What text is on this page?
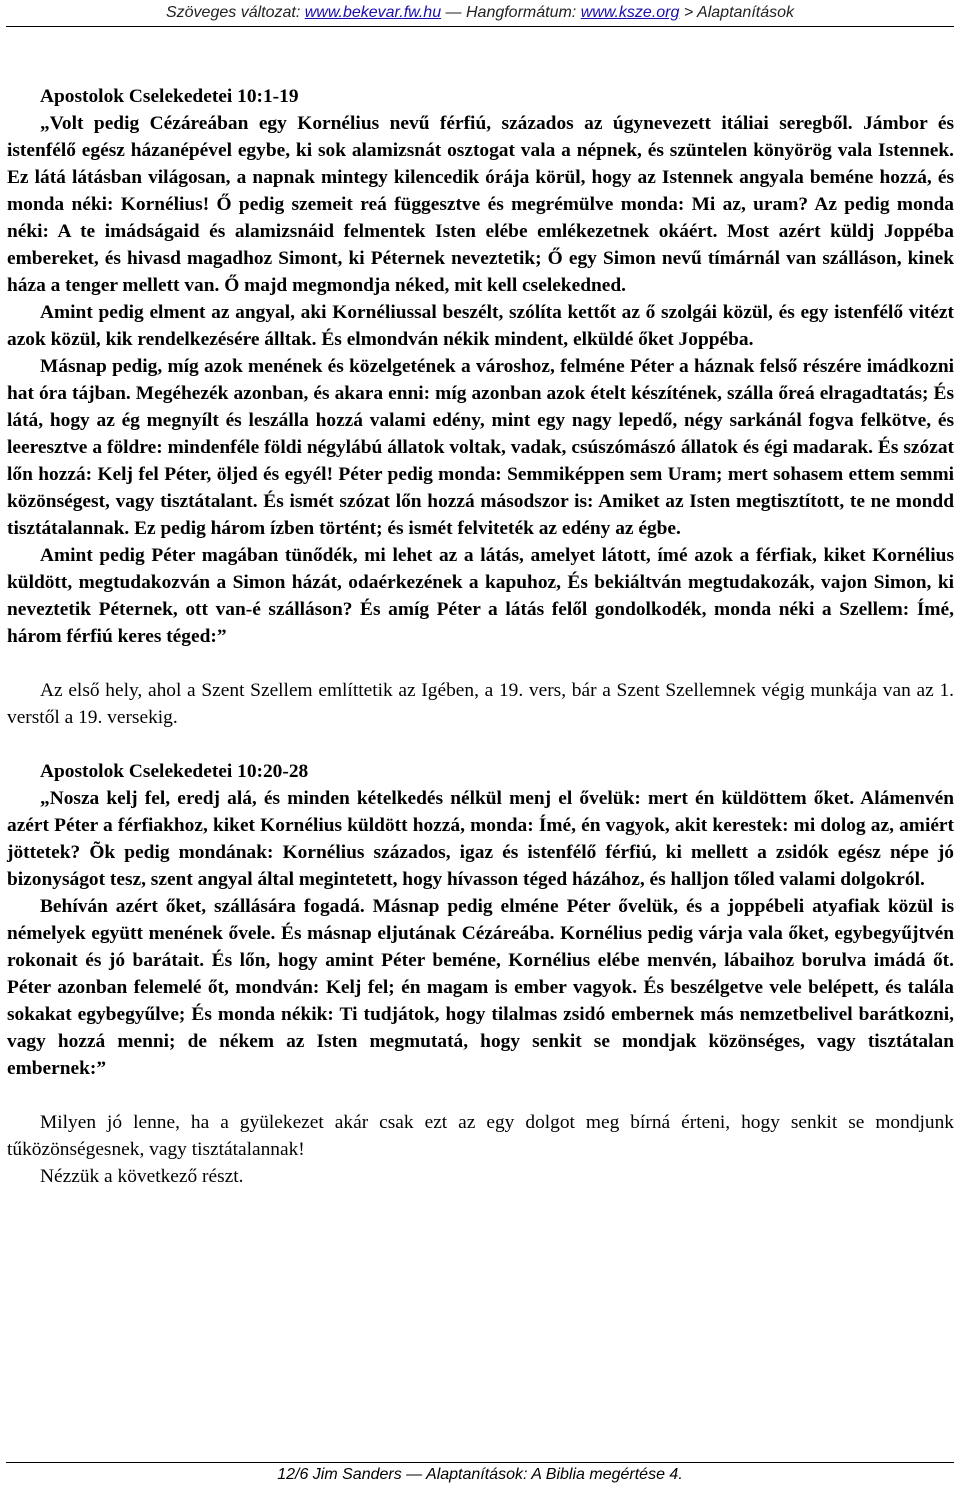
Szöveges változat: www.bekevar.fw.hu — Hangformátum: www.ksze.org > Alaptanítások

Apostolok Cselekedetei 10:1-19

„Volt pedig Cézáreában egy Kornélius nevű férfiú, százados az úgynevezett itáliai seregből. Jámbor és istenfélő egész házanépével egybe, ki sok alamizsnát osztogat vala a népnek, és szüntelen könyörög vala Istennek. Ez látá látásban világosan, a napnak mintegy kilencedik órája körül, hogy az Istennek angyala beméne hozzá, és monda néki: Kornélius! Ő pedig szemeit reá függesztve és megrémülve monda: Mi az, uram? Az pedig monda néki: A te imádságaid és alamizsnáid felmentek Isten elébe emlékezetnek okáért. Most azért küldj Joppéba embereket, és hivasd magadhoz Simont, ki Péternek neveztetik; Ő egy Simon nevű tímárnál van szálláson, kinek háza a tenger mellett van. Ő majd megmondja néked, mit kell cselekedned.

Amint pedig elment az angyal, aki Kornéliussal beszélt, szólíta kettőt az ő szolgái közül, és egy istenfélő vitézt azok közül, kik rendelkezésére álltak. És elmondván nékik mindent, elküldé őket Joppéba.

Másnap pedig, míg azok menének és közelgetének a városhoz, felméne Péter a háznak felső részére imádkozni hat óra tájban. Megéhezék azonban, és akara enni: míg azonban azok ételt készítének, szálla őreá elragadtatás; És látá, hogy az ég megnyílt és leszálla hozzá valami edény, mint egy nagy lepedő, négy sarkánál fogva felkötve, és leeresztve a földre: mindenféle földi négylábú állatok voltak, vadak, csúszómászó állatok és égi madarak. És szózat lőn hozzá: Kelj fel Péter, öljed és egyél! Péter pedig monda: Semmiképpen sem Uram; mert sohasem ettem semmi közönségest, vagy tisztátalant. És ismét szózat lőn hozzá másodszor is: Amiket az Isten megtisztított, te ne mondd tisztátalannak. Ez pedig három ízben történt; és ismét felviteték az edény az égbe.

Amint pedig Péter magában tünődék, mi lehet az a látás, amelyet látott, ímé azok a férfiak, kiket Kornélius küldött, megtudakozván a Simon házát, odaérkezének a kapuhoz, És bekiáltván megtudakozák, vajon Simon, ki neveztetik Péternek, ott van-é szálláson? És amíg Péter a látás felől gondolkodék, monda néki a Szellem: Ímé, három férfiú keres téged:”

Az első hely, ahol a Szent Szellem említtetik az Igében, a 19. vers, bár a Szent Szellemnek végig munkája van az 1. verstől a 19. versekig.

Apostolok Cselekedetei 10:20-28

„Nosza kelj fel, eredj alá, és minden kételkedés nélkül menj el ővelük: mert én küldöttem őket. Alámenvén azért Péter a férfiakhoz, kiket Kornélius küldött hozzá, monda: Ímé, én vagyok, akit kerestek: mi dolog az, amiért jöttetek? Õk pedig mondának: Kornélius százados, igaz és istenfélő férfiú, ki mellett a zsidók egész népe jó bizonyságot tesz, szent angyal által megintetett, hogy hívasson téged házához, és halljon tőled valami dolgokról.

Behíván azért őket, szállására fogadá. Másnap pedig elméne Péter ővelük, és a joppébeli atyafiak közül is némelyek együtt menének ővele. És másnap eljutának Cézáreába. Kornélius pedig várja vala őket, egybegyűjtvén rokonait és jó barátait. És lőn, hogy amint Péter beméne, Kornélius elébe menvén, lábaihoz borulva imádá őt. Péter azonban felemelé őt, mondván: Kelj fel; én magam is ember vagyok. És beszélgetve vele belépett, és talála sokakat egybegyűlve; És monda nékik: Ti tudjátok, hogy tilalmas zsidó embernek más nemzetbelivel barátkozni, vagy hozzá menni; de nékem az Isten megmutatá, hogy senkit se mondjak közönséges, vagy tisztátalan embernek:”

Milyen jó lenne, ha a gyülekezet akár csak ezt az egy dolgot meg bírná érteni, hogy senkit se mondjunk tűközönségesnek, vagy tisztátalannak!

Nézzük a következő részt.

12/6 Jim Sanders — Alaptanítások: A Biblia megértése 4.
